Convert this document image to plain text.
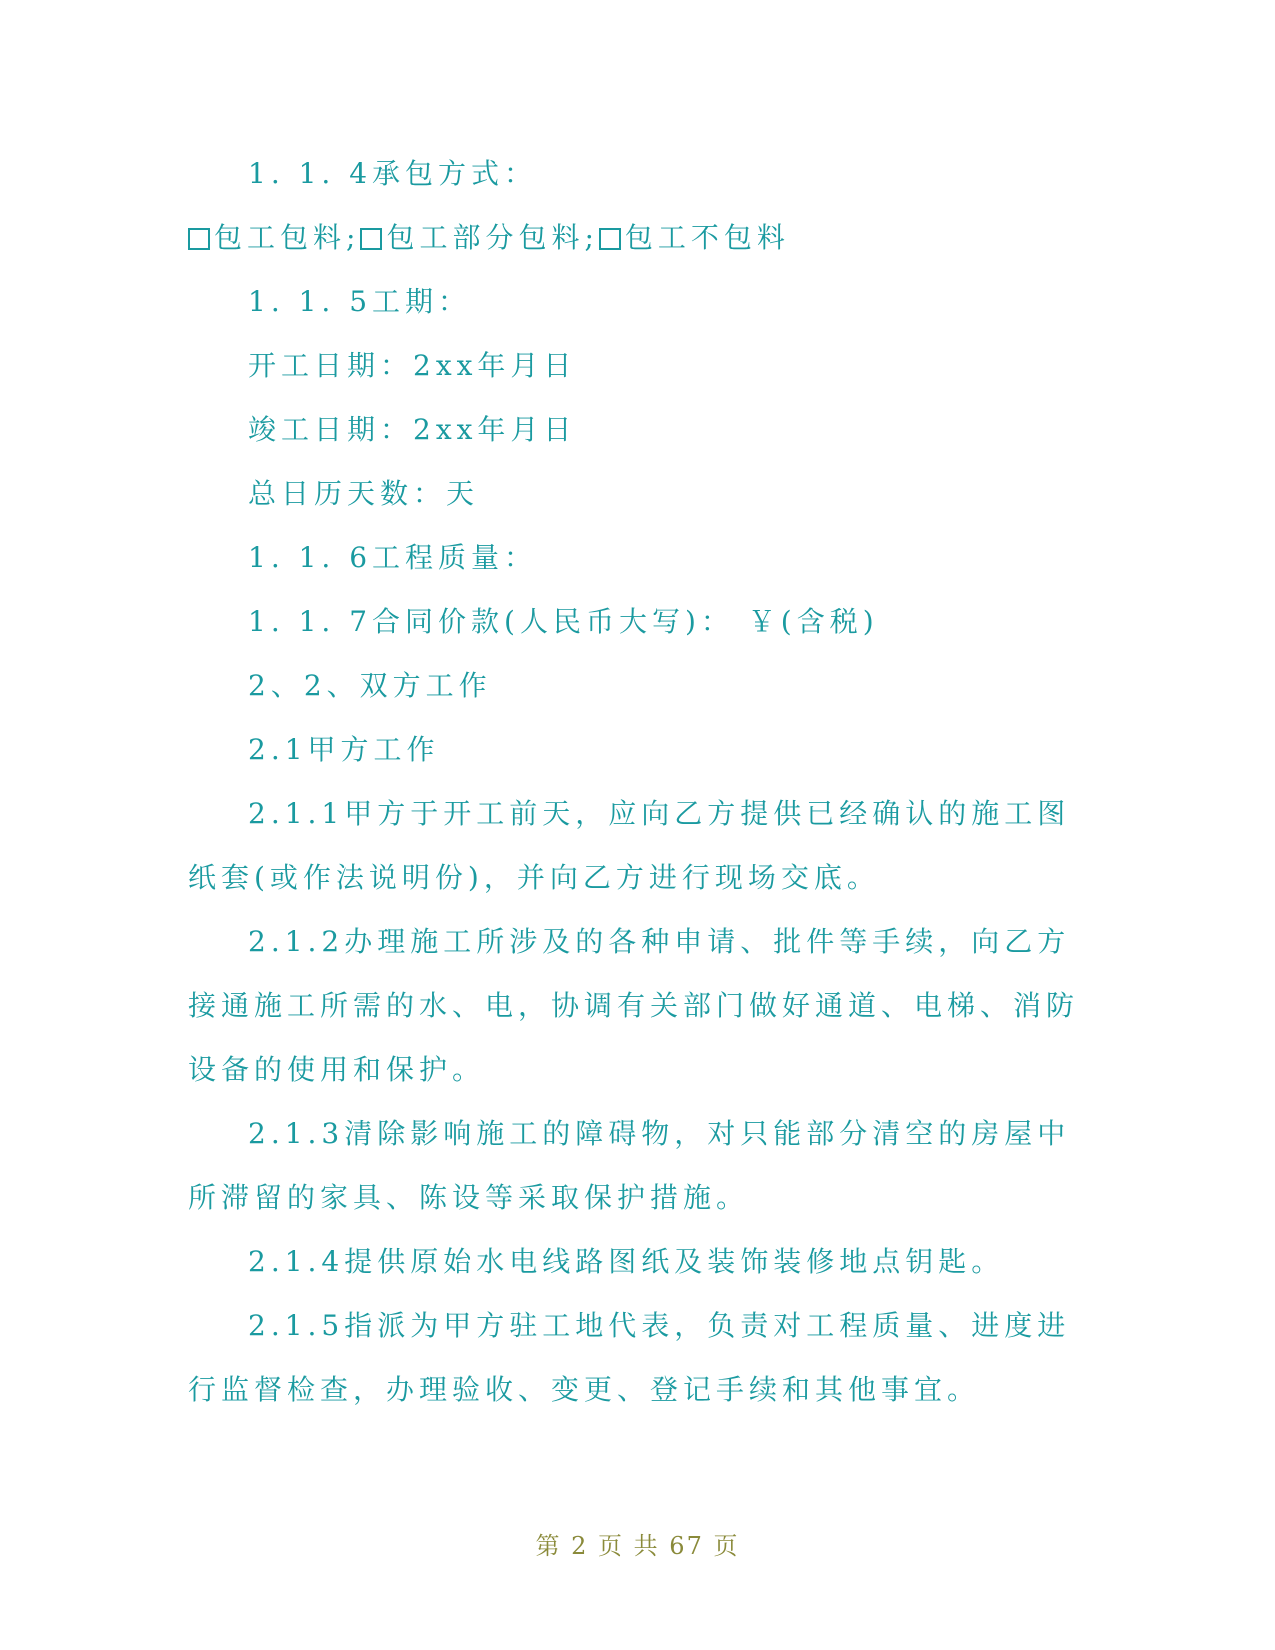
1. 1. 4承包方式：

包工包料; 包工部分包料; 包工不包料

1. 1. 5工期：

开工日期：2xx年月日

竣工日期：2xx年月日

总日历天数：天

1. 1. 6工程质量：

1. 1. 7合同价款(人民币大写)： ￥(含税)

2、2、双方工作

2.1甲方工作

2.1.1甲方于开工前天，应向乙方提供已经确认的施工图纸套(或作法说明份)，并向乙方进行现场交底。

2.1.2办理施工所涉及的各种申请、批件等手续，向乙方接通施工所需的水、电，协调有关部门做好通道、电梯、消防设备的使用和保护。

2.1.3清除影响施工的障碍物，对只能部分清空的房屋中所滞留的家具、陈设等采取保护措施。

2.1.4提供原始水电线路图纸及装饰装修地点钥匙。

2.1.5指派为甲方驻工地代表，负责对工程质量、进度进行监督检查，办理验收、变更、登记手续和其他事宜。

第 2 页 共 67 页
